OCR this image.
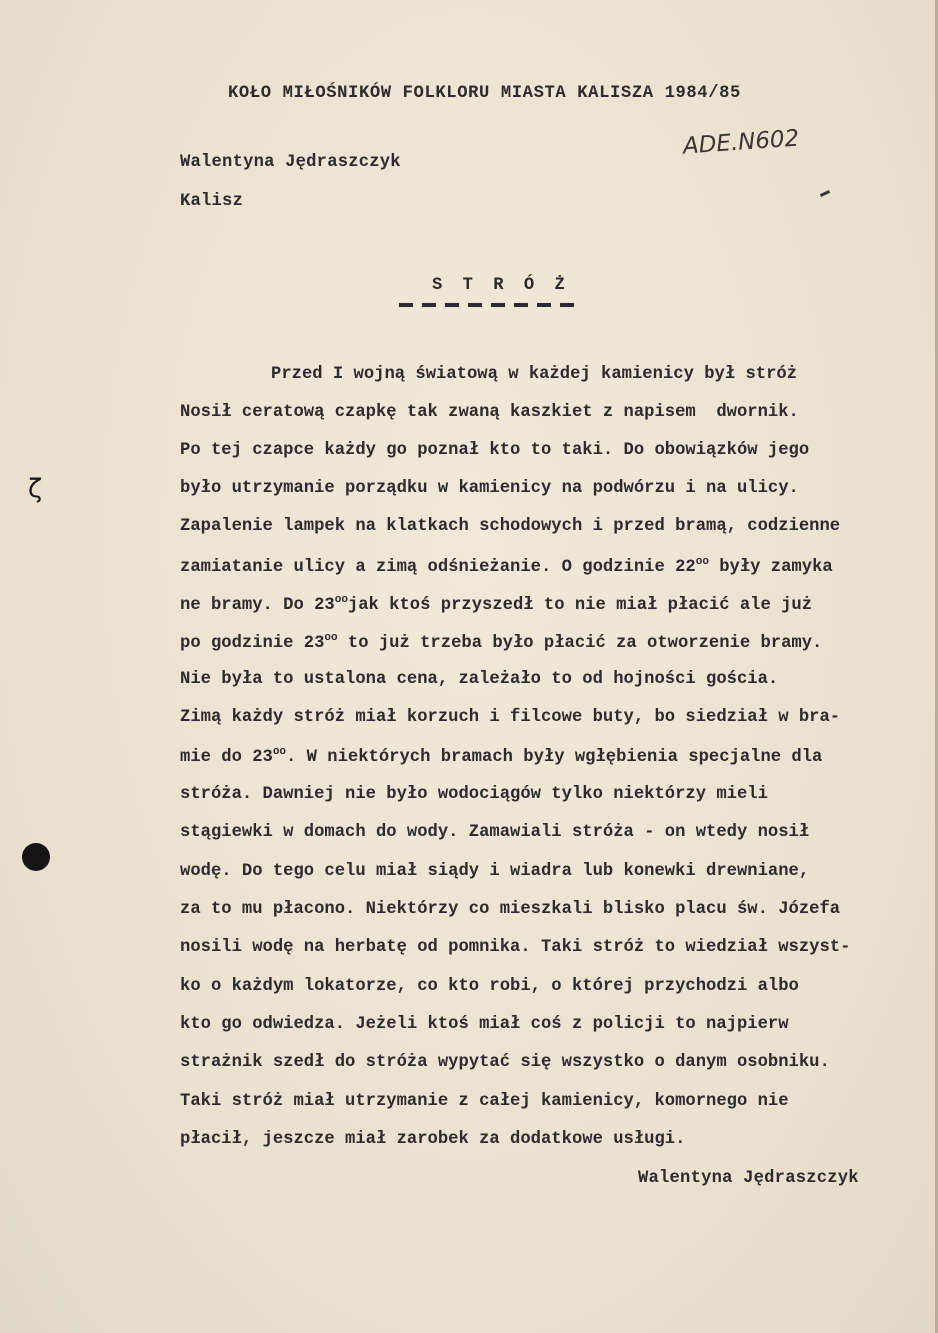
KOŁO MIŁOŚNIKÓW FOLKLORU MIASTA KALISZA 1984/85
Walentyna Jędraszczyk
Kalisz
ADE.N602
S T R Ó Ż
Przed I wojną światową w każdej kamienicy był stróż
Nosił ceratową czapkę tak zwaną kaszkiet z napisem  dwornik.
Po tej czapce każdy go poznał kto to taki. Do obowiązków jego
było utrzymanie porządku w kamienicy na podwórzu i na ulicy.
Zapalenie lampek na klatkach schodowych i przed bramą, codzienne
zamiatanie ulicy a zimą odśnieżanie. O godzinie $22^{oo}$ były zamyka
ne bramy. Do $23^{oo}jak$ ktoś przyszedł to nie miał płacić ale już
po godzinie $23^{oo}$ to już trzeba było płacić za otworzenie bramy.
Nie była to ustalona cena, zależało to od hojności gościa.
Zimą każdy stróż miał korzuch i filcowe buty, bo siedział w bra-
mie do $23^{oo}$. W niektórych bramach były wgłębienia specjalne dla
stróża. Dawniej nie było wodociągów tylko niektórzy mieli
stągiewki w domach do wody. Zamawiali stróża - on wtedy nosił
wodę. Do tego celu miał siądy i wiadra lub konewki drewniane,
za to mu płacono. Niektórzy co mieszkali blisko placu św. Józefa
nosili wodę na herbatę od pomnika. Taki stróż to wiedział wszyst-
ko o każdym lokatorze, co kto robi, o której przychodzi albo
kto go odwiedza. Jeżeli ktoś miał coś z policji to najpierw
strażnik szedł do stróża wypytać się wszystko o danym osobniku.
Taki stróż miał utrzymanie z całej kamienicy, komornego nie
płacił, jeszcze miał zarobek za dodatkowe usługi.
Walentyna Jędraszczyk
ζ
